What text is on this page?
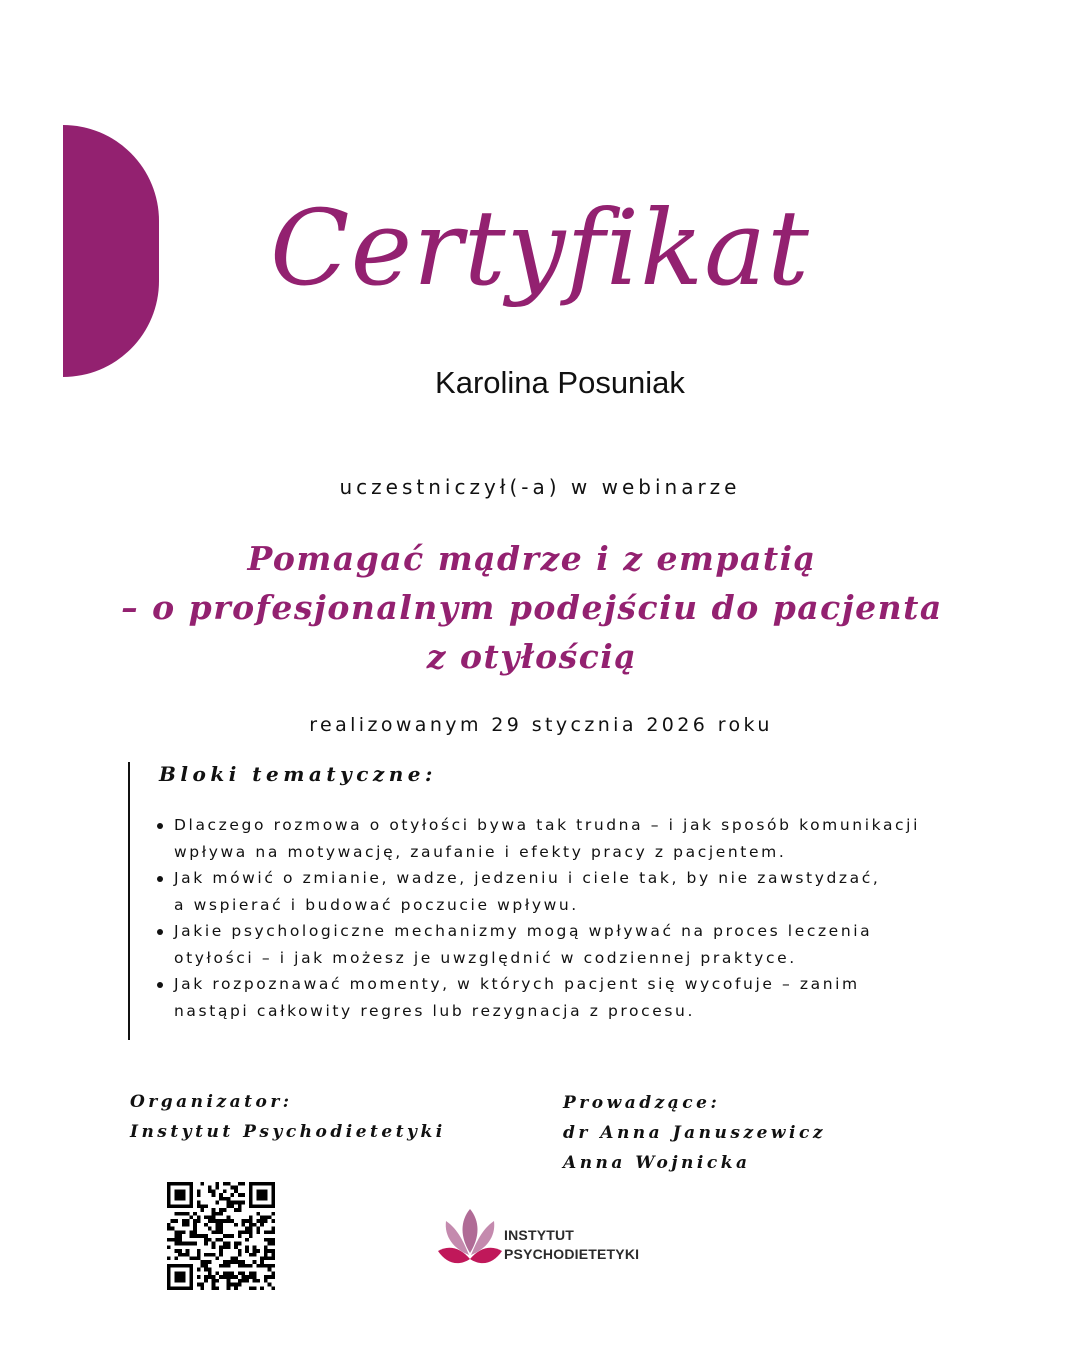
Certyfikat
Karolina Posuniak
uczestniczył(-a) w webinarze
Pomagać mądrze i z empatią
– o profesjonalnym podejściu do pacjenta
z otyłością
realizowanym 29 stycznia 2026 roku
Bloki tematyczne:
Dlaczego rozmowa o otyłości bywa tak trudna – i jak sposób komunikacji
wpływa na motywację, zaufanie i efekty pracy z pacjentem.
Jak mówić o zmianie, wadze, jedzeniu i ciele tak, by nie zawstydzać,
a wspierać i budować poczucie wpływu.
Jakie psychologiczne mechanizmy mogą wpływać na proces leczenia
otyłości – i jak możesz je uwzględnić w codziennej praktyce.
Jak rozpoznawać momenty, w których pacjent się wycofuje – zanim
nastąpi całkowity regres lub rezygnacja z procesu.
Organizator:
Instytut Psychodietetyki
Prowadzące:
dr Anna Januszewicz
Anna Wojnicka
INSTYTUT
PSYCHODIETETYKI
